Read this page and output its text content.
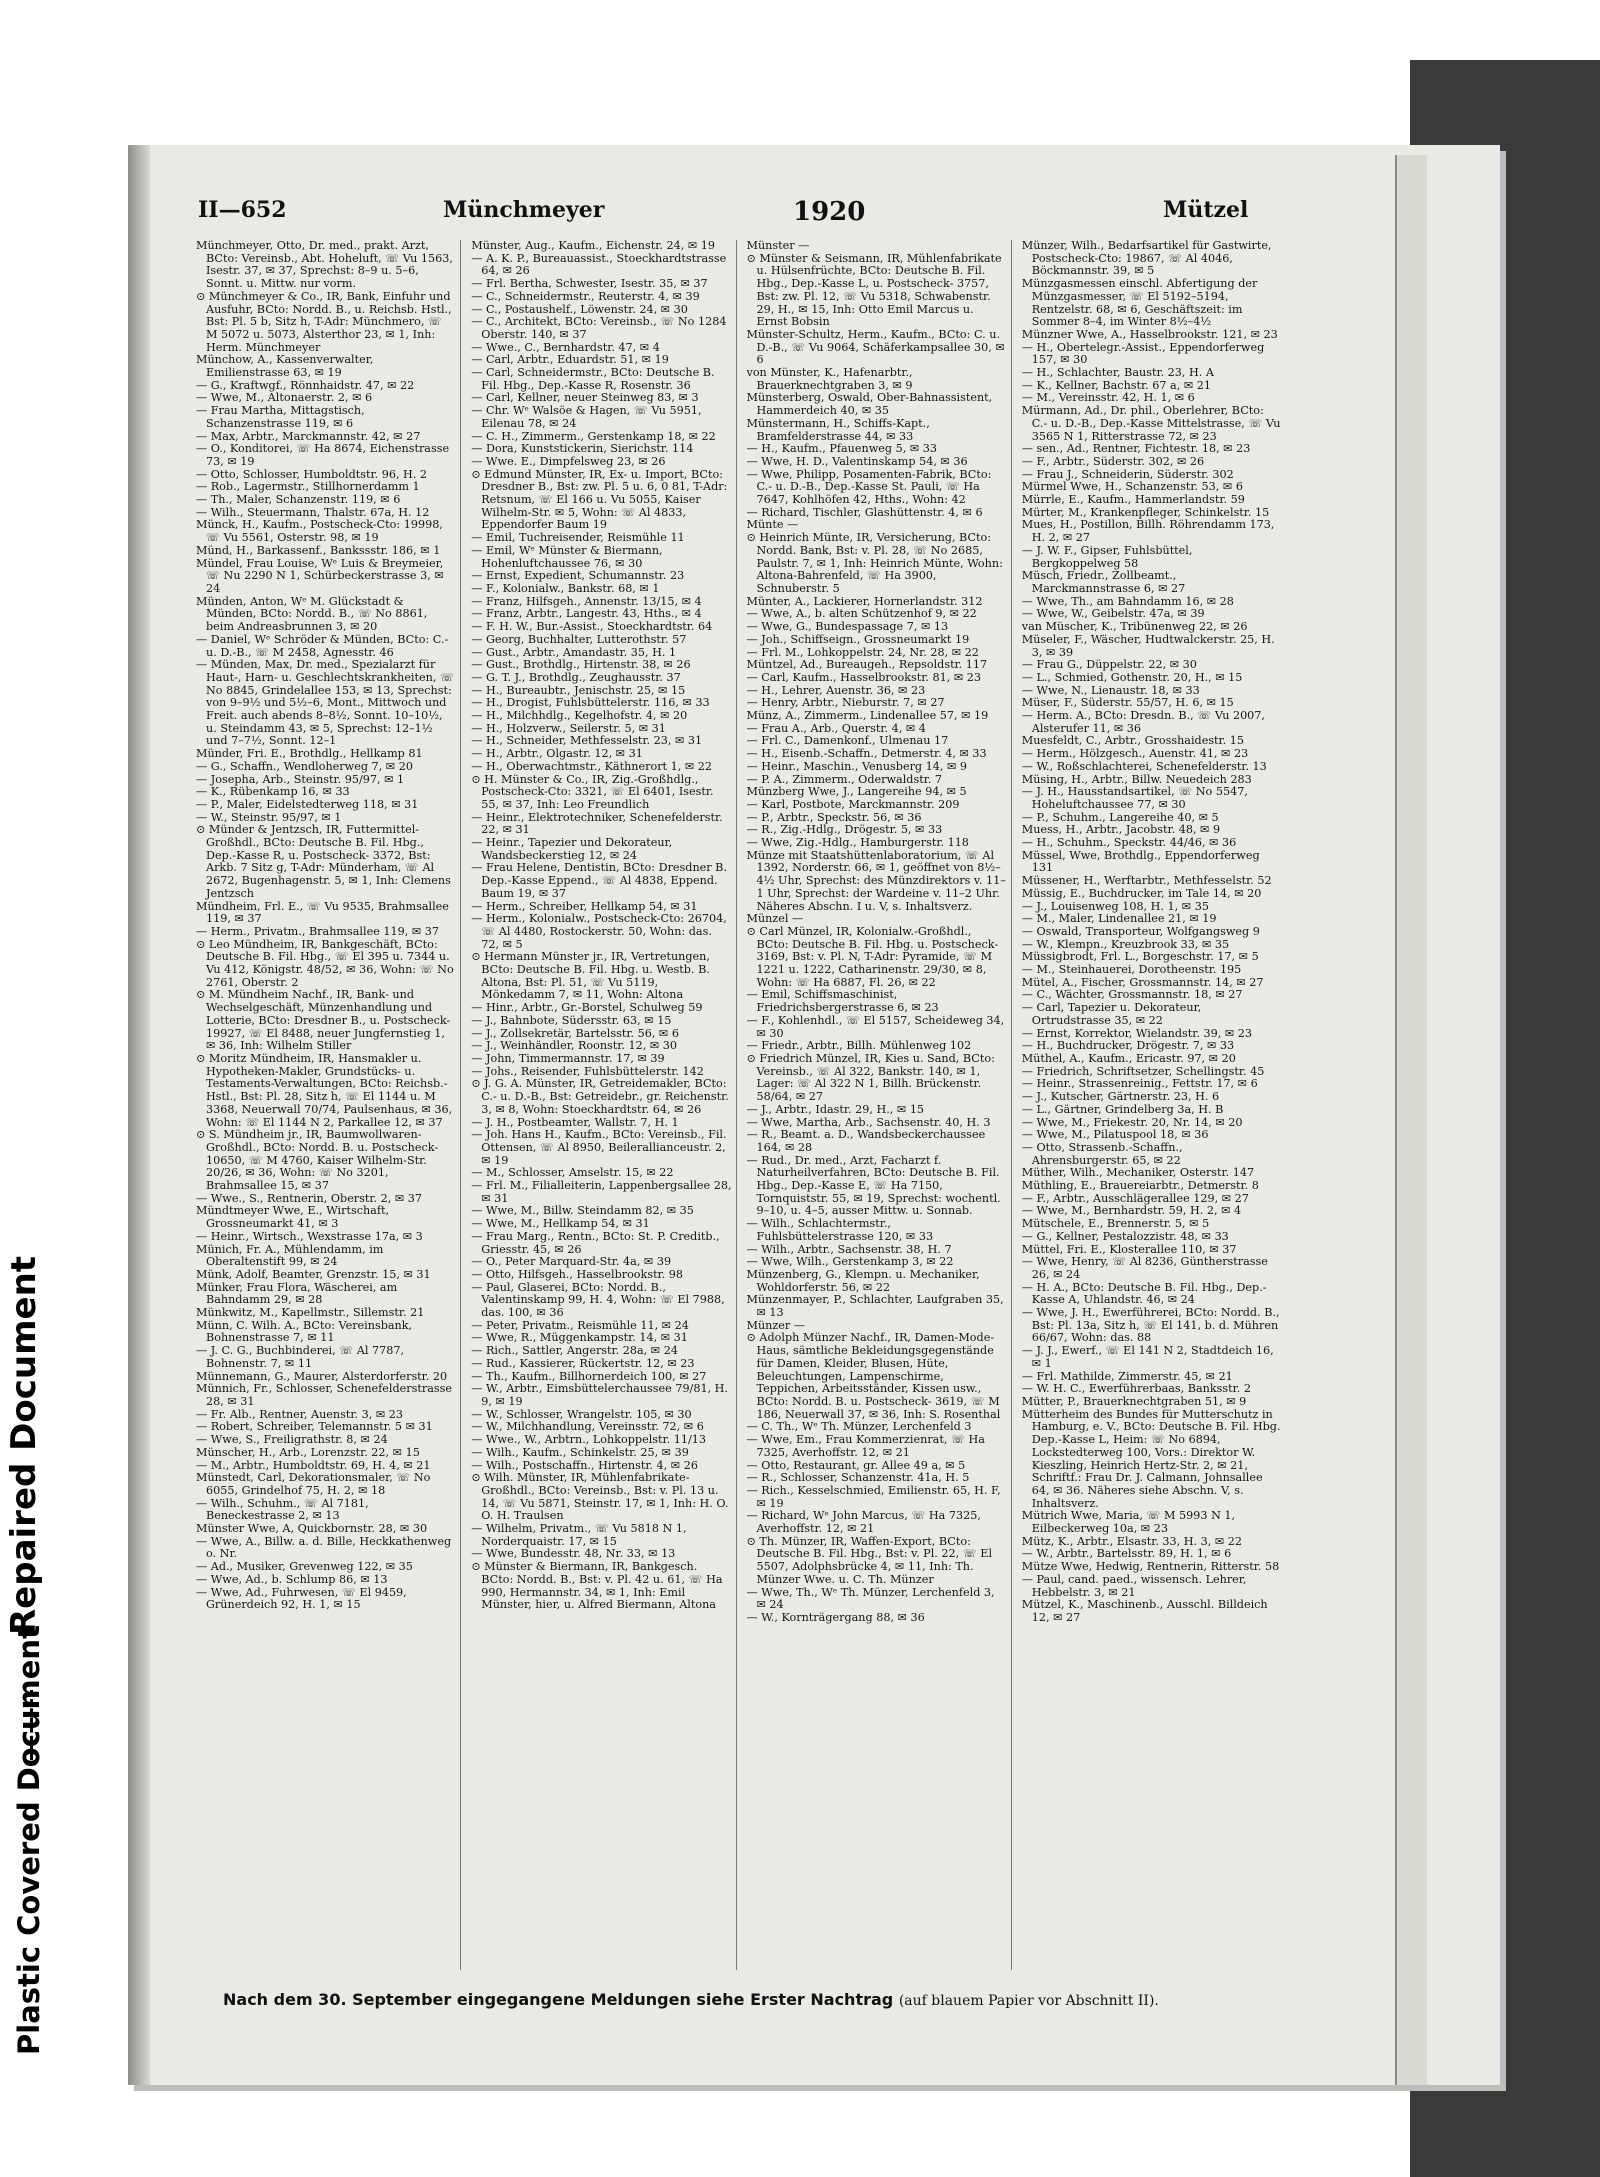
Repaired Document
Plastic Covered Document
II—652	Münchmeyer	1920	Mützel

Münchmeyer, Otto, Dr. med., prakt. Arzt, BCto: Vereinsb., Abt. Hoheluft, ☏ Vu 1563, Isestr. 37, ✉ 37, Sprechst: 8–9 u. 5–6, Sonnt. u. Mittw. nur vorm.

⊙ Münchmeyer & Co., IR, Bank, Einfuhr und Ausfuhr, BCto: Nordd. B., u. Reichsb. Hstl., Bst: Pl. 5 b, Sitz h, T-Adr: Münchmero, ☏ M 5072 u. 5073, Alsterthor 23, ✉ 1, Inh: Herm. Münchmeyer

Münchow, A., Kassenverwalter, Emilienstrasse 63, ✉ 19

— G., Kraftwgf., Rönnhaidstr. 47, ✉ 22

— Wwe, M., Altonaerstr. 2, ✉ 6

— Frau Martha, Mittagstisch, Schanzenstrasse 119, ✉ 6

— Max, Arbtr., Marckmannstr. 42, ✉ 27

— O., Konditorei, ☏ Ha 8674, Eichenstrasse 73, ✉ 19

— Otto, Schlosser, Humboldtstr. 96, H. 2

— Rob., Lagermstr., Stillhornerdamm 1

— Th., Maler, Schanzenstr. 119, ✉ 6

— Wilh., Steuermann, Thalstr. 67a, H. 12

Münck, H., Kaufm., Postscheck-Cto: 19998, ☏ Vu 5561, Osterstr. 98, ✉ 19

Münd, H., Barkassenf., Bankssstr. 186, ✉ 1

Mündel, Frau Louise, Wᵉ Luis & Breymeier, ☏ Nu 2290 N 1, Schürbeckerstrasse 3, ✉ 24

Münden, Anton, Wᵉ M. Glückstadt & Münden, BCto: Nordd. B., ☏ No 8861, beim Andreasbrunnen 3, ✉ 20

— Daniel, Wᵉ Schröder & Münden, BCto: C.- u. D.-B., ☏ M 2458, Agnesstr. 46

— Münden, Max, Dr. med., Spezialarzt für Haut-, Harn- u. Geschlechtskrankheiten, ☏ No 8845, Grindelallee 153, ✉ 13, Sprechst: von 9–9½ und 5½–6, Mont., Mittwoch und Freit. auch abends 8–8½, Sonnt. 10–10½, u. Steindamm 43, ✉ 5, Sprechst: 12–1½ und 7–7½, Sonnt. 12–1

Münder, Fri. E., Brothdlg., Hellkamp 81

— G., Schaffn., Wendloherweg 7, ✉ 20

— Josepha, Arb., Steinstr. 95/97, ✉ 1

— K., Rübenkamp 16, ✉ 33

— P., Maler, Eidelstedterweg 118, ✉ 31

— W., Steinstr. 95/97, ✉ 1

⊙ Münder & Jentzsch, IR, Futtermittel-Großhdl., BCto: Deutsche B. Fil. Hbg., Dep.-Kasse R, u. Postscheck- 3372, Bst: Arkb. 7 Sitz g, T-Adr: Münderham, ☏ Al 2672, Bugenhagenstr. 5, ✉ 1, Inh: Clemens Jentzsch

Mündheim, Frl. E., ☏ Vu 9535, Brahmsallee 119, ✉ 37

— Herm., Privatm., Brahmsallee 119, ✉ 37

⊙ Leo Mündheim, IR, Bankgeschäft, BCto: Deutsche B. Fil. Hbg., ☏ El 395 u. 7344 u. Vu 412, Königstr. 48/52, ✉ 36, Wohn: ☏ No 2761, Oberstr. 2

⊙ M. Mündheim Nachf., IR, Bank- und Wechselgeschäft, Münzenhandlung und Lotterie, BCto: Dresdner B., u. Postscheck- 19927, ☏ El 8488, neuer Jungfernstieg 1, ✉ 36, Inh: Wilhelm Stiller

⊙ Moritz Mündheim, IR, Hansmakler u. Hypotheken-Makler, Grundstücks- u. Testaments-Verwaltungen, BCto: Reichsb.-Hstl., Bst: Pl. 28, Sitz h, ☏ El 1144 u. M 3368, Neuerwall 70/74, Paulsenhaus, ✉ 36, Wohn: ☏ El 1144 N 2, Parkallee 12, ✉ 37

⊙ S. Mündheim jr., IR, Baumwollwaren-Großhdl., BCto: Nordd. B. u. Postscheck- 10650, ☏ M 4760, Kaiser Wilhelm-Str. 20/26, ✉ 36, Wohn: ☏ No 3201, Brahmsallee 15, ✉ 37

— Wwe., S., Rentnerin, Oberstr. 2, ✉ 37

Mündtmeyer Wwe, E., Wirtschaft, Grossneumarkt 41, ✉ 3

— Heinr., Wirtsch., Wexstrasse 17a, ✉ 3

Münich, Fr. A., Mühlendamm, im Oberaltenstift 99, ✉ 24

Münk, Adolf, Beamter, Grenzstr. 15, ✉ 31

Münker, Frau Flora, Wäscherei, am Bahndamm 29, ✉ 28

Münkwitz, M., Kapellmstr., Sillemstr. 21

Münn, C. Wilh. A., BCto: Vereinsbank, Bohnenstrasse 7, ✉ 11

— J. C. G., Buchbinderei, ☏ Al 7787, Bohnenstr. 7, ✉ 11

Münnemann, G., Maurer, Alsterdorferstr. 20

Münnich, Fr., Schlosser, Schenefelderstrasse 28, ✉ 31

— Fr. Alb., Rentner, Auenstr. 3, ✉ 23

— Robert, Schreiber, Telemannstr. 5 ✉ 31

— Wwe, S., Freiligrathstr. 8, ✉ 24

Münscher, H., Arb., Lorenzstr. 22, ✉ 15

— M., Arbtr., Humboldtstr. 69, H. 4, ✉ 21

Münstedt, Carl, Dekorationsmaler, ☏ No 6055, Grindelhof 75, H. 2, ✉ 18

— Wilh., Schuhm., ☏ Al 7181, Beneckestrasse 2, ✉ 13

Münster Wwe, A, Quickbornstr. 28, ✉ 30

— Wwe, A., Billw. a. d. Bille, Heckkathenweg o. Nr.

— Ad., Musiker, Grevenweg 122, ✉ 35

— Wwe, Ad., b. Schlump 86, ✉ 13

— Wwe, Ad., Fuhrwesen, ☏ El 9459, Grünerdeich 92, H. 1, ✉ 15

Münster, Aug., Kaufm., Eichenstr. 24, ✉ 19

— A. K. P., Bureauassist., Stoeckhardtstrasse 64, ✉ 26

— Frl. Bertha, Schwester, Isestr. 35, ✉ 37

— C., Schneidermstr., Reuterstr. 4, ✉ 39

— C., Postaushelf., Löwenstr. 24, ✉ 30

— C., Architekt, BCto: Vereinsb., ☏ No 1284 Oberstr. 140, ✉ 37

— Wwe., C., Bernhardstr. 47, ✉ 4

— Carl, Arbtr., Eduardstr. 51, ✉ 19

— Carl, Schneidermstr., BCto: Deutsche B. Fil. Hbg., Dep.-Kasse R, Rosenstr. 36

— Carl, Kellner, neuer Steinweg 83, ✉ 3

— Chr. Wᵉ Walsöe & Hagen, ☏ Vu 5951, Eilenau 78, ✉ 24

— C. H., Zimmerm., Gerstenkamp 18, ✉ 22

— Dora, Kunststickerin, Sierichstr. 114

— Wwe. E., Dimpfelsweg 23, ✉ 26

⊙ Edmund Münster, IR, Ex- u. Import, BCto: Dresdner B., Bst: zw. Pl. 5 u. 6, 0 81, T-Adr: Retsnum, ☏ El 166 u. Vu 5055, Kaiser Wilhelm-Str. ✉ 5, Wohn: ☏ Al 4833, Eppendorfer Baum 19

— Emil, Tuchreisender, Reismühle 11

— Emil, Wᵉ Münster & Biermann, Hohenluftchaussee 76, ✉ 30

— Ernst, Expedient, Schumannstr. 23

— F., Kolonialw., Bankstr. 68, ✉ 1

— Franz, Hilfsgeh., Annenstr. 13/15, ✉ 4

— Franz, Arbtr., Langestr. 43, Hths., ✉ 4

— F. H. W., Bur.-Assist., Stoeckhardtstr. 64

— Georg, Buchhalter, Lutterothstr. 57

— Gust., Arbtr., Amandastr. 35, H. 1

— Gust., Brothdlg., Hirtenstr. 38, ✉ 26

— G. T. J., Brothdlg., Zeughausstr. 37

— H., Bureaubtr., Jenischstr. 25, ✉ 15

— H., Drogist, Fuhlsbüttelerstr. 116, ✉ 33

— H., Milchhdlg., Kegelhofstr. 4, ✉ 20

— H., Holzverw., Seilerstr. 5, ✉ 31

— H., Schneider, Methfesselstr. 23, ✉ 31

— H., Arbtr., Olgastr. 12, ✉ 31

— H., Oberwachtmstr., Käthnerort 1, ✉ 22

⊙ H. Münster & Co., IR, Zig.-Großhdlg., Postscheck-Cto: 3321, ☏ El 6401, Isestr. 55, ✉ 37, Inh: Leo Freundlich

— Heinr., Elektrotechniker, Schenefelderstr. 22, ✉ 31

— Heinr., Tapezier und Dekorateur, Wandsbeckerstieg 12, ✉ 24

— Frau Helene, Dentistin, BCto: Dresdner B. Dep.-Kasse Eppend., ☏ Al 4838, Eppend. Baum 19, ✉ 37

— Herm., Schreiber, Hellkamp 54, ✉ 31

— Herm., Kolonialw., Postscheck-Cto: 26704, ☏ Al 4480, Rostockerstr. 50, Wohn: das. 72, ✉ 5

⊙ Hermann Münster jr., IR, Vertretungen, BCto: Deutsche B. Fil. Hbg. u. Westb. B. Altona, Bst: Pl. 51, ☏ Vu 5119, Mönkedamm 7, ✉ 11, Wohn: Altona

— Hinr., Arbtr., Gr.-Borstel, Schulweg 59

— J., Bahnbote, Südersstr. 63, ✉ 15

— J., Zollsekretär, Bartelsstr. 56, ✉ 6

— J., Weinhändler, Roonstr. 12, ✉ 30

— John, Timmermannstr. 17, ✉ 39

— Johs., Reisender, Fuhlsbüttelerstr. 142

⊙ J. G. A. Münster, IR, Getreidemakler, BCto: C.- u. D.-B., Bst: Getreidebr., gr. Reichenstr. 3, ✉ 8, Wohn: Stoeckhardtstr. 64, ✉ 26

— J. H., Postbeamter, Wallstr. 7, H. 1

— Joh. Hans H., Kaufm., BCto: Vereinsb., Fil. Ottensen, ☏ Al 8950, Beilerallianceustr. 2, ✉ 19

— M., Schlosser, Amselstr. 15, ✉ 22

— Frl. M., Filialleiterin, Lappenbergsallee 28, ✉ 31

— Wwe, M., Billw. Steindamm 82, ✉ 35

— Wwe, M., Hellkamp 54, ✉ 31

— Frau Marg., Rentn., BCto: St. P. Creditb., Griesstr. 45, ✉ 26

— O., Peter Marquard-Str. 4a, ✉ 39

— Otto, Hilfsgeh., Hasselbrookstr. 98

— Paul, Glaserei, BCto: Nordd. B., Valentinskamp 99, H. 4, Wohn: ☏ El 7988, das. 100, ✉ 36

— Peter, Privatm., Reismühle 11, ✉ 24

— Wwe, R., Müggenkampstr. 14, ✉ 31

— Rich., Sattler, Angerstr. 28a, ✉ 24

— Rud., Kassierer, Rückertstr. 12, ✉ 23

— Th., Kaufm., Billhornerdeich 100, ✉ 27

— W., Arbtr., Eimsbüttelerchaussee 79/81, H. 9, ✉ 19

— W., Schlosser, Wrangelstr. 105, ✉ 30

— W., Milchhandlung, Vereinsstr. 72, ✉ 6

— Wwe., W., Arbtrn., Lohkoppelstr. 11/13

— Wilh., Kaufm., Schinkelstr. 25, ✉ 39

— Wilh., Postschaffn., Hirtenstr. 4, ✉ 26

⊙ Wilh. Münster, IR, Mühlenfabrikate-Großhdl., BCto: Vereinsb., Bst: v. Pl. 13 u. 14, ☏ Vu 5871, Steinstr. 17, ✉ 1, Inh: H. O. O. H. Traulsen

— Wilhelm, Privatm., ☏ Vu 5818 N 1, Norderquaistr. 17, ✉ 15

— Wwe, Bundesstr. 48, Nr. 33, ✉ 13

⊙ Münster & Biermann, IR, Bankgesch. BCto: Nordd. B., Bst: v. Pl. 42 u. 61, ☏ Ha 990, Hermannstr. 34, ✉ 1, Inh: Emil Münster, hier, u. Alfred Biermann, Altona

Münster —

⊙ Münster & Seismann, IR, Mühlenfabrikate u. Hülsenfrüchte, BCto: Deutsche B. Fil. Hbg., Dep.-Kasse L, u. Postscheck- 3757, Bst: zw. Pl. 12, ☏ Vu 5318, Schwabenstr. 29, H., ✉ 15, Inh: Otto Emil Marcus u. Ernst Bobsin

Münster-Schultz, Herm., Kaufm., BCto: C. u. D.-B., ☏ Vu 9064, Schäferkampsallee 30, ✉ 6

von Münster, K., Hafenarbtr., Brauerknechtgraben 3, ✉ 9

Münsterberg, Oswald, Ober-Bahnassistent, Hammerdeich 40, ✉ 35

Münstermann, H., Schiffs-Kapt., Bramfelderstrasse 44, ✉ 33

— H., Kaufm., Pfauenweg 5, ✉ 33

— Wwe, H. D., Valentinskamp 54, ✉ 36

— Wwe, Philipp, Posamenten-Fabrik, BCto: C.- u. D.-B., Dep.-Kasse St. Pauli, ☏ Ha 7647, Kohlhöfen 42, Hths., Wohn: 42

— Richard, Tischler, Glashüttenstr. 4, ✉ 6

Münte —

⊙ Heinrich Münte, IR, Versicherung, BCto: Nordd. Bank, Bst: v. Pl. 28, ☏ No 2685, Paulstr. 7, ✉ 1, Inh: Heinrich Münte, Wohn: Altona-Bahrenfeld, ☏ Ha 3900, Schnuberstr. 5

Münter, A., Lackierer, Hornerlandstr. 312

— Wwe, A., b. alten Schützenhof 9, ✉ 22

— Wwe, G., Bundespassage 7, ✉ 13

— Joh., Schiffseign., Grossneumarkt 19

— Frl. M., Lohkoppelstr. 24, Nr. 28, ✉ 22

Müntzel, Ad., Bureaugeh., Repsoldstr. 117

— Carl, Kaufm., Hasselbrookstr. 81, ✉ 23

— H., Lehrer, Auenstr. 36, ✉ 23

— Henry, Arbtr., Nieburstr. 7, ✉ 27

Münz, A., Zimmerm., Lindenallee 57, ✉ 19

— Frau A., Arb., Querstr. 4, ✉ 4

— Frl. C., Damenkonf., Ulmenau 17

— H., Eisenb.-Schaffn., Detmerstr. 4, ✉ 33

— Heinr., Maschin., Venusberg 14, ✉ 9

— P. A., Zimmerm., Oderwaldstr. 7

Münzberg Wwe, J., Langereihe 94, ✉ 5

— Karl, Postbote, Marckmannstr. 209

— P., Arbtr., Speckstr. 56, ✉ 36

— R., Zig.-Hdlg., Drögestr. 5, ✉ 33

— Wwe, Zig.-Hdlg., Hamburgerstr. 118

Münze mit Staatshüttenlaboratorium, ☏ Al 1392, Norderstr. 66, ✉ 1, geöffnet von 8½–4½ Uhr, Sprechst: des Münzdirektors v. 11–1 Uhr, Sprechst: der Wardeine v. 11–2 Uhr. Näheres Abschn. I u. V, s. Inhaltsverz.

Münzel —

⊙ Carl Münzel, IR, Kolonialw.-Großhdl., BCto: Deutsche B. Fil. Hbg. u. Postscheck- 3169, Bst: v. Pl. N, T-Adr: Pyramide, ☏ M 1221 u. 1222, Catharinenstr. 29/30, ✉ 8, Wohn: ☏ Ha 6887, Fl. 26, ✉ 22

— Emil, Schiffsmaschinist, Friedrichsbergerstrasse 6, ✉ 23

— F., Kohlenhdl., ☏ El 5157, Scheideweg 34, ✉ 30

— Friedr., Arbtr., Billh. Mühlenweg 102

⊙ Friedrich Münzel, IR, Kies u. Sand, BCto: Vereinsb., ☏ Al 322, Bankstr. 140, ✉ 1, Lager: ☏ Al 322 N 1, Billh. Brückenstr. 58/64, ✉ 27

— J., Arbtr., Idastr. 29, H., ✉ 15

— Wwe, Martha, Arb., Sachsenstr. 40, H. 3

— R., Beamt. a. D., Wandsbeckerchaussee 164, ✉ 28

— Rud., Dr. med., Arzt, Facharzt f. Naturheilverfahren, BCto: Deutsche B. Fil. Hbg., Dep.-Kasse E, ☏ Ha 7150, Tornquiststr. 55, ✉ 19, Sprechst: wochentl. 9–10, u. 4–5, ausser Mittw. u. Sonnab.

— Wilh., Schlachtermstr., Fuhlsbüttelerstrasse 120, ✉ 33

— Wilh., Arbtr., Sachsenstr. 38, H. 7

— Wwe, Wilh., Gerstenkamp 3, ✉ 22

Münzenberg, G., Klempn. u. Mechaniker, Wohldorferstr. 56, ✉ 22

Münzenmayer, P., Schlachter, Laufgraben 35, ✉ 13

Münzer —

⊙ Adolph Münzer Nachf., IR, Damen-Mode-Haus, sämtliche Bekleidungsgegenstände für Damen, Kleider, Blusen, Hüte, Beleuchtungen, Lampenschirme, Teppichen, Arbeitsständer, Kissen usw., BCto: Nordd. B. u. Postscheck- 3619, ☏ M 186, Neuerwall 37, ✉ 36, Inh: S. Rosenthal

— C. Th., Wᵉ Th. Münzer, Lerchenfeld 3

— Wwe, Em., Frau Kommerzienrat, ☏ Ha 7325, Averhoffstr. 12, ✉ 21

— Otto, Restaurant, gr. Allee 49 a, ✉ 5

— R., Schlosser, Schanzenstr. 41a, H. 5

— Rich., Kesselschmied, Emilienstr. 65, H. F, ✉ 19

— Richard, Wᵉ John Marcus, ☏ Ha 7325, Averhoffstr. 12, ✉ 21

⊙ Th. Münzer, IR, Waffen-Export, BCto: Deutsche B. Fil. Hbg., Bst: v. Pl. 22, ☏ El 5507, Adolphsbrücke 4, ✉ 11, Inh: Th. Münzer Wwe. u. C. Th. Münzer

— Wwe, Th., Wᵉ Th. Münzer, Lerchenfeld 3, ✉ 24

— W., Kornträgergang 88, ✉ 36

Münzer, Wilh., Bedarfsartikel für Gastwirte, Postscheck-Cto: 19867, ☏ Al 4046, Böckmannstr. 39, ✉ 5

Münzgasmessen einschl. Abfertigung der Münzgasmesser, ☏ El 5192–5194, Rentzelstr. 68, ✉ 6, Geschäftszeit: im Sommer 8–4, im Winter 8½–4½

Münzner Wwe, A., Hasselbrookstr. 121, ✉ 23

— H., Obertelegr.-Assist., Eppendorferweg 157, ✉ 30

— H., Schlachter, Baustr. 23, H. A

— K., Kellner, Bachstr. 67 a, ✉ 21

— M., Vereinsstr. 42, H. 1, ✉ 6

Mürmann, Ad., Dr. phil., Oberlehrer, BCto: C.- u. D.-B., Dep.-Kasse Mittelstrasse, ☏ Vu 3565 N 1, Ritterstrasse 72, ✉ 23

— sen., Ad., Rentner, Fichtestr. 18, ✉ 23

— F., Arbtr., Süderstr. 302, ✉ 26

— Frau J., Schneiderin, Süderstr. 302

Mürmel Wwe, H., Schanzenstr. 53, ✉ 6

Mürrle, E., Kaufm., Hammerlandstr. 59

Mürter, M., Krankenpfleger, Schinkelstr. 15

Mues, H., Postillon, Billh. Röhrendamm 173, H. 2, ✉ 27

— J. W. F., Gipser, Fuhlsbüttel, Bergkoppelweg 58

Müsch, Friedr., Zollbeamt., Marckmannstrasse 6, ✉ 27

— Wwe, Th., am Bahndamm 16, ✉ 28

— Wwe, W., Geibelstr. 47a, ✉ 39

van Müscher, K., Tribünenweg 22, ✉ 26

Müseler, F., Wäscher, Hudtwalckerstr. 25, H. 3, ✉ 39

— Frau G., Düppelstr. 22, ✉ 30

— L., Schmied, Gothenstr. 20, H., ✉ 15

— Wwe, N., Lienaustr. 18, ✉ 33

Müser, F., Süderstr. 55/57, H. 6, ✉ 15

— Herm. A., BCto: Dresdn. B., ☏ Vu 2007, Alsterufer 11, ✉ 36

Muesfeldt, C., Arbtr., Grosshaidestr. 15

— Herm., Hölzgesch., Auenstr. 41, ✉ 23

— W., Roßschlachterei, Schenefelderstr. 13

Müsing, H., Arbtr., Billw. Neuedeich 283

— J. H., Hausstandsartikel, ☏ No 5547, Hoheluftchaussee 77, ✉ 30

— P., Schuhm., Langereihe 40, ✉ 5

Muess, H., Arbtr., Jacobstr. 48, ✉ 9

— H., Schuhm., Speckstr. 44/46, ✉ 36

Müssel, Wwe, Brothdlg., Eppendorferweg 131

Müssener, H., Werftarbtr., Methfesselstr. 52

Müssig, E., Buchdrucker, im Tale 14, ✉ 20

— J., Louisenweg 108, H. 1, ✉ 35

— M., Maler, Lindenallee 21, ✉ 19

— Oswald, Transporteur, Wolfgangsweg 9

— W., Klempn., Kreuzbrook 33, ✉ 35

Müssigbrodt, Frl. L., Borgeschstr. 17, ✉ 5

— M., Steinhauerei, Dorotheenstr. 195

Mütel, A., Fischer, Grossmannstr. 14, ✉ 27

— C., Wächter, Grossmannstr. 18, ✉ 27

— Carl, Tapezier u. Dekorateur, Ortrudstrasse 35, ✉ 22

— Ernst, Korrektor, Wielandstr. 39, ✉ 23

— H., Buchdrucker, Drögestr. 7, ✉ 33

Müthel, A., Kaufm., Ericastr. 97, ✉ 20

— Friedrich, Schriftsetzer, Schellingstr. 45

— Heinr., Strassenreinig., Fettstr. 17, ✉ 6

— J., Kutscher, Gärtnerstr. 23, H. 6

— L., Gärtner, Grindelberg 3a, H. B

— Wwe, M., Friekestr. 20, Nr. 14, ✉ 20

— Wwe, M., Pilatuspool 18, ✉ 36

— Otto, Strassenb.-Schaffn., Ahrensburgerstr. 65, ✉ 22

Müther, Wilh., Mechaniker, Osterstr. 147

Müthling, E., Brauereiarbtr., Detmerstr. 8

— F., Arbtr., Ausschlägerallee 129, ✉ 27

— Wwe, M., Bernhardstr. 59, H. 2, ✉ 4

Mütschele, E., Brennerstr. 5, ✉ 5

— G., Kellner, Pestalozzistr. 48, ✉ 33

Müttel, Fri. E., Klosterallee 110, ✉ 37

— Wwe, Henry, ☏ Al 8236, Güntherstrasse 26, ✉ 24

— H. A., BCto: Deutsche B. Fil. Hbg., Dep.-Kasse A, Uhlandstr. 46, ✉ 24

— Wwe, J. H., Ewerführerei, BCto: Nordd. B., Bst: Pl. 13a, Sitz h, ☏ El 141, b. d. Mühren 66/67, Wohn: das. 88

— J. J., Ewerf., ☏ El 141 N 2, Stadtdeich 16, ✉ 1

— Frl. Mathilde, Zimmerstr. 45, ✉ 21

— W. H. C., Ewerführerbaas, Banksstr. 2

Mütter, P., Brauerknechtgraben 51, ✉ 9

Mütterheim des Bundes für Mutterschutz in Hamburg, e. V., BCto: Deutsche B. Fil. Hbg. Dep.-Kasse L, Heim: ☏ No 6894, Lockstedterweg 100, Vors.: Direktor W. Kieszling, Heinrich Hertz-Str. 2, ✉ 21, Schriftf.: Frau Dr. J. Calmann, Johnsallee 64, ✉ 36. Näheres siehe Abschn. V, s. Inhaltsverz.

Mütrich Wwe, Maria, ☏ M 5993 N 1, Eilbeckerweg 10a, ✉ 23

Mütz, K., Arbtr., Elsastr. 33, H. 3, ✉ 22

— W., Arbtr., Bartelsstr. 89, H. 1, ✉ 6

Mütze Wwe, Hedwig, Rentnerin, Ritterstr. 58

— Paul, cand. paed., wissensch. Lehrer, Hebbelstr. 3, ✉ 21

Mützel, K., Maschinenb., Ausschl. Billdeich 12, ✉ 27

Nach dem 30. September eingegangene Meldungen siehe Erster Nachtrag (auf blauem Papier vor Abschnitt II).
